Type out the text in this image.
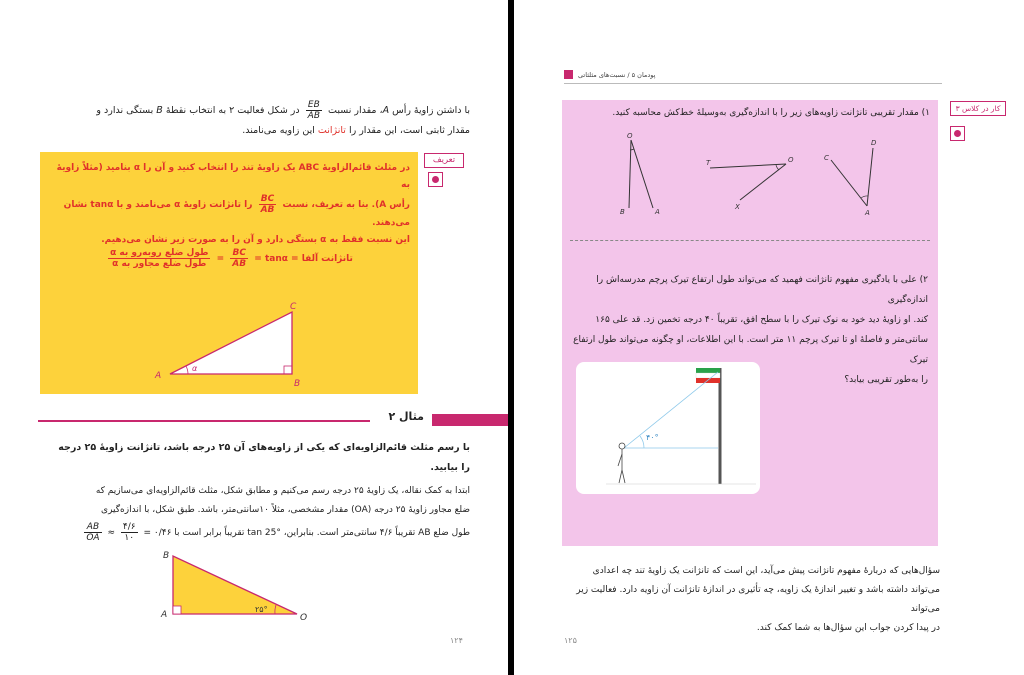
با داشتن زاویهٔ رأس A، مقدار نسبت
$\frac{EB}{AB}$
در شکل فعالیت ۲ به انتخاب نقطهٔ B بستگی ندارد و
مقدار ثابتی است، این مقدار را تانژانت این زاویه می‌نامند.
در مثلث قائم‌الزاویهٔ ABC یک زاویهٔ تند را انتخاب کنید و آن را α بنامید (مثلاً زاویهٔ به
رأس A). بنا به تعریف، نسبت
$\frac{BC}{AB}$
را تانژانت زاویهٔ α می‌نامند و با tanα نشان می‌دهند.
این نسبت فقط به α بستگی دارد و آن را به صورت زیر نشان می‌دهیم.
$\frac{\text{طول ضلع روبه‌رو به α}}{\text{طول ضلع مجاور به α}} = \frac{BC}{AB}$ تانژانت آلفا = tanα =
A
B
C
α
تعریف
مثال ۲
با رسم مثلث قائم‌الزاویه‌ای که یکی از زاویه‌های آن ۲۵ درجه باشد، تانژانت زاویهٔ ۲۵ درجه
را بیابید.
ابتدا به کمک نقاله، یک زاویهٔ ۲۵ درجه رسم می‌کنیم و مطابق شکل، مثلث قائم‌الزاویه‌ای می‌سازیم که
ضلع مجاور زاویهٔ ۲۵ درجه (OA) مقدار مشخصی، مثلاً ۱۰سانتی‌متر، باشد. طبق شکل، با اندازه‌گیری
طول ضلع AB تقریباً ۴/۶ سانتی‌متر است. بنابراین، °tan 25 تقریباً برابر است با ۰/۴۶ =
$\frac{۴/۶}{۱۰}$
≈
$\frac{AB}{OA}$
B
A	O
۲۵°
۱۲۴
پودمان ۵ / نسبت‌های مثلثاتی
۱) مقدار تقریبی تانژانت زاویه‌های زیر را با اندازه‌گیری به‌وسیلهٔ خط‌کش محاسبه کنید.
O
B	A
T	O
X
C
D
A
۲) علی با یادگیری مفهوم تانژانت فهمید که می‌تواند طول ارتفاع تیرک پرچم مدرسه‌اش را اندازه‌گیری
کند. او زاویهٔ دید خود به نوک تیرک را با سطح افق، تقریباً ۴۰ درجه تخمین زد. قد علی ۱۶۵
سانتی‌متر و فاصلهٔ او تا تیرک پرچم ۱۱ متر است. با این اطلاعات، او چگونه می‌تواند طول ارتفاع تیرک
را به‌طور تقریبی بیابد؟
۴۰°
کار در کلاس ۳
سؤال‌هایی که دربارهٔ مفهوم تانژانت پیش می‌آید، این است که تانژانت یک زاویهٔ تند چه اعدادی
می‌تواند داشته باشد و تغییر اندازهٔ یک زاویه، چه تأثیری در اندازهٔ تانژانت آن زاویه دارد. فعالیت زیر می‌تواند
در پیدا کردن جواب این سؤال‌ها به شما کمک کند.
۱۲۵
